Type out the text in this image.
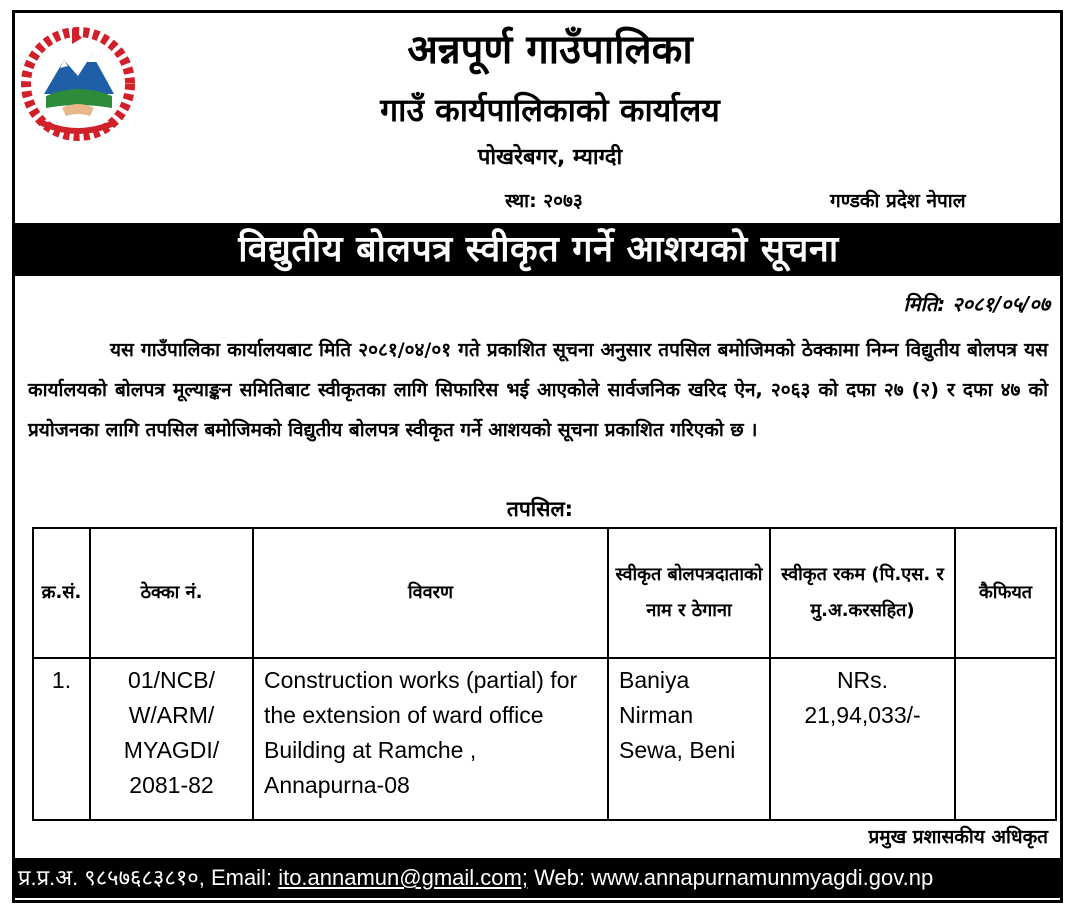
अन्नपूर्ण गाउँपालिका
गाउँ कार्यपालिकाको कार्यालय
पोखरेबगर, म्याग्दी
स्था: २०७३	गण्डकी प्रदेश नेपाल
विद्युतीय बोलपत्र स्वीकृत गर्ने आशयको सूचना
मिति: २०८१/०५/०७
यस गाउँपालिका कार्यालयबाट मिति २०८१/०४/०१ गते प्रकाशित सूचना अनुसार तपसिल बमोजिमको ठेक्कामा निम्न विद्युतीय बोलपत्र यस कार्यालयको बोलपत्र मूल्याङ्कन समितिबाट स्वीकृतका लागि सिफारिस भई आएकोले सार्वजनिक खरिद ऐन, २०६३ को दफा २७ (२) र दफा ४७ को प्रयोजनका लागि तपसिल बमोजिमको विद्युतीय बोलपत्र स्वीकृत गर्ने आशयको सूचना प्रकाशित गरिएको छ ।
तपसिल:
क्र.सं.	ठेक्का नं.	विवरण	स्वीकृत बोलपत्रदाताको नाम र ठेगाना	स्वीकृत रकम (पि.एस. र मु.अ.करसहित)	कैफियत
1.	01/NCB/ W/ARM/ MYAGDI/ 2081-82	Construction works (partial) for the extension of ward office Building at Ramche , Annapurna-08	Baniya Nirman Sewa, Beni	NRs. 21,94,033/-	
प्रमुख प्रशासकीय अधिकृत
प्र.प्र.अ. ९८५७६८३८१०, Email: ito.annamun@gmail.com; Web: www.annapurnamunmyagdi.gov.np
